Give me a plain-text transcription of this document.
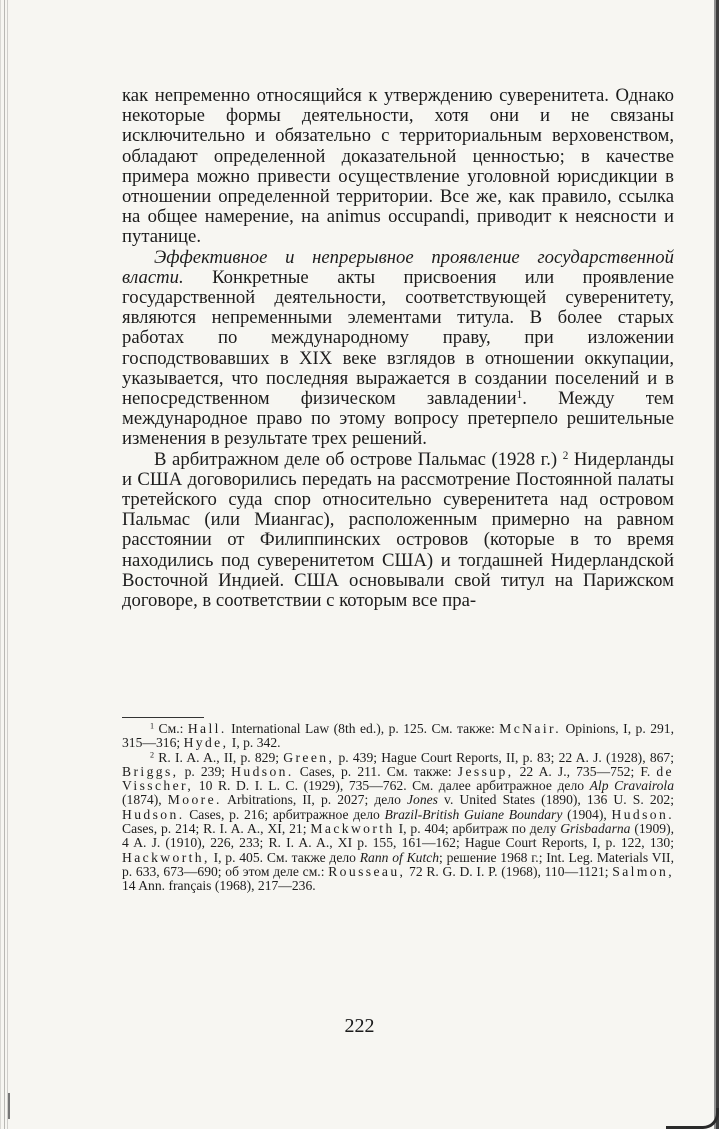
как непременно относящийся к утверждению суверенитета. Однако некоторые формы деятельности, хотя они и не связаны исключительно и обязательно с территориальным верховенством, обладают определенной доказательной ценностью; в качестве примера можно привести осуществление уголовной юрисдикции в отношении определенной территории. Все же, как правило, ссылка на общее намерение, на animus occupandi, приводит к неясности и путанице.

Эффективное и непрерывное проявление государственной власти. Конкретные акты присвоения или проявление государственной деятельности, соответствующей суверенитету, являются непременными элементами титула. В более старых работах по международному праву, при изложении господствовавших в XIX веке взглядов в отношении оккупации, указывается, что последняя выражается в создании поселений и в непосредственном физическом завладении$^1$. Между тем международное право по этому вопросу претерпело решительные изменения в результате трех решений.

В арбитражном деле об острове Пальмас (1928 г.) $^2$ Нидерланды и США договорились передать на рассмотрение Постоянной палаты третейского суда спор относительно суверенитета над островом Пальмас (или Миангас), расположенным примерно на равном расстоянии от Филиппинских островов (которые в то время находились под суверенитетом США) и тогдашней Нидерландской Восточной Индией. США основывали свой титул на Парижском договоре, в соответствии с которым все пра-

$^1$ См.: Hall. International Law (8th ed.), p. 125. См. также: McNair. Opinions, I, p. 291, 315—316; Hyde, I, p. 342.

$^2$ R. I. A. A., II, p. 829; Green, p. 439; Hague Court Reports, II, p. 83; 22 A. J. (1928), 867; Briggs, p. 239; Hudson. Cases, p. 211. См. также: Jessup, 22 A. J., 735—752; F. de Visscher, 10 R. D. I. L. C. (1929), 735—762. См. далее арбитражное дело Alp Cravairola (1874), Moore. Arbitrations, II, p. 2027; дело Jones v. United States (1890), 136 U. S. 202; Hudson. Cases, p. 216; арбитражное дело Brazil-British Guiane Boundary (1904), Hudson. Cases, p. 214; R. I. A. A., XI, 21; Mackworth I, p. 404; арбитраж по делу Grisbadarna (1909), 4 A. J. (1910), 226, 233; R. I. A. A., XI p. 155, 161—162; Hague Court Reports, I, p. 122, 130; Hackworth, I, p. 405. См. также дело Rann of Kutch; решение 1968 г.; Int. Leg. Materials VII, p. 633, 673—690; об этом деле см.: Rousseau, 72 R. G. D. I. P. (1968), 110—1121; Salmon, 14 Ann. français (1968), 217—236.

222
